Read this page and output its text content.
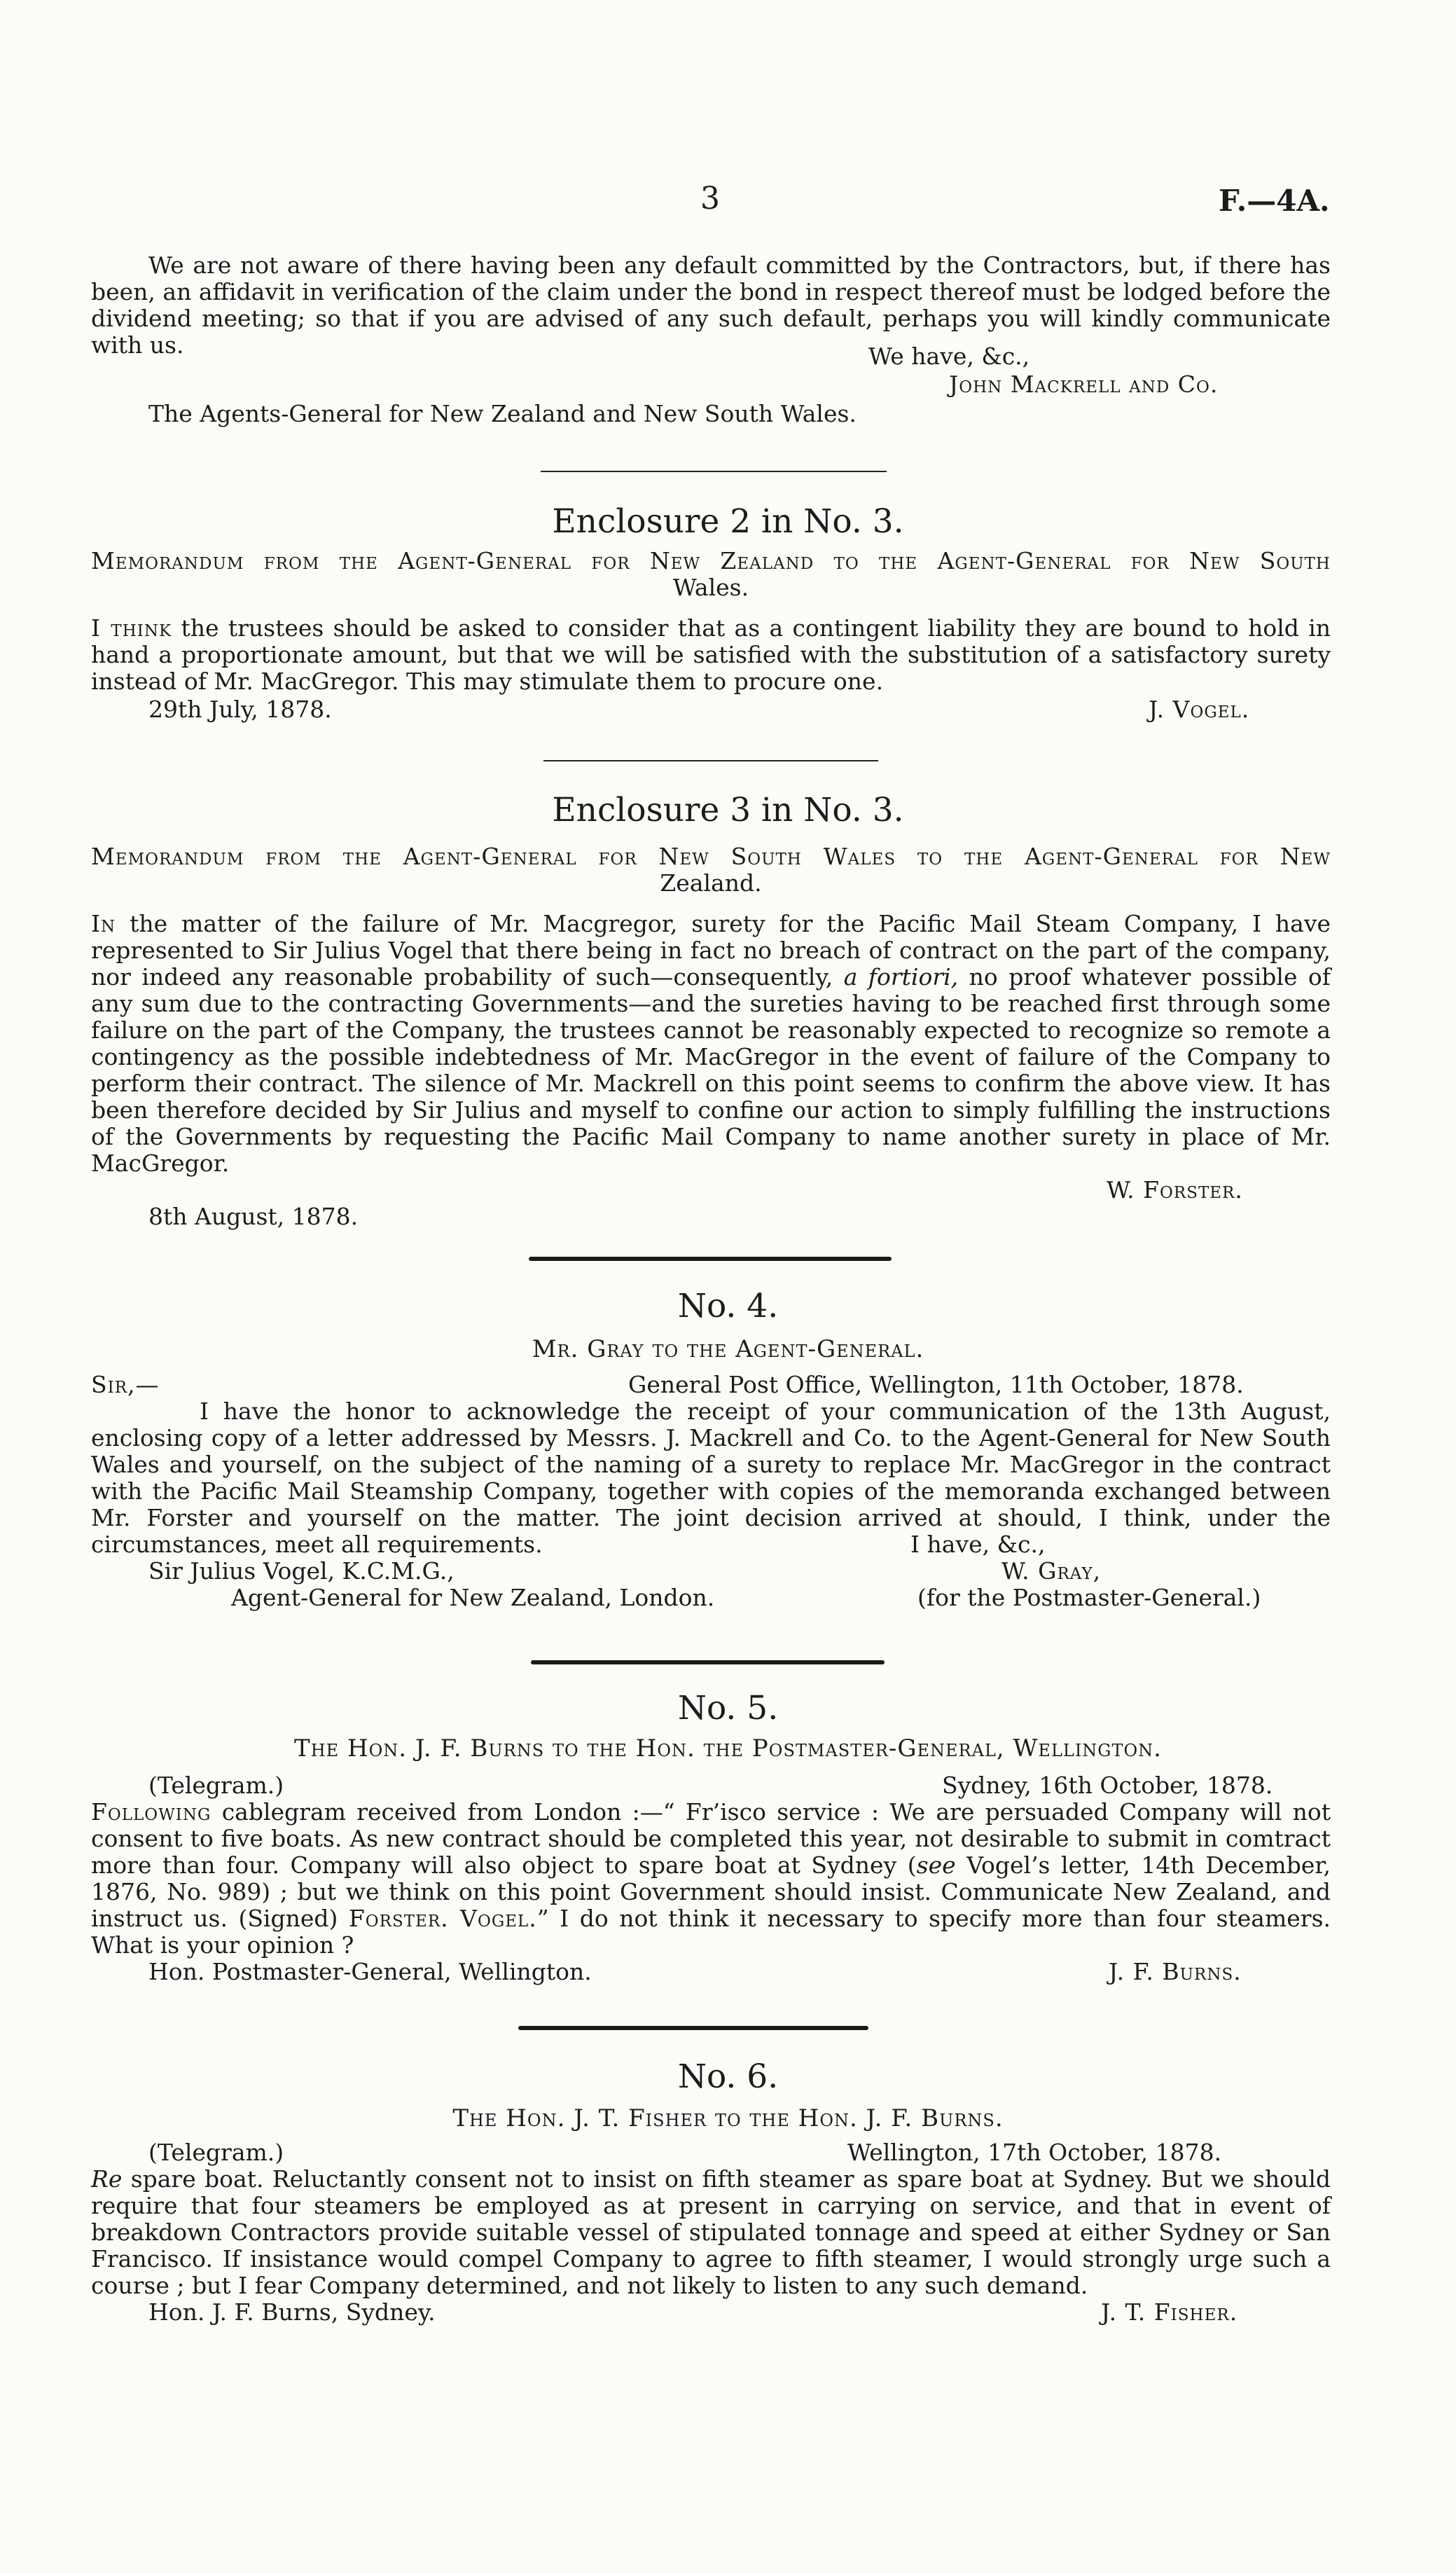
3	F.—4A.

We are not aware of there having been any default committed by the Contractors, but, if there has been, an affidavit in verification of the claim under the bond in respect thereof must be lodged before the dividend meeting; so that if you are advised of any such default, perhaps you will kindly communicate with us.	We have, &c.,
John Mackrell and Co.
The Agents-General for New Zealand and New South Wales.
Enclosure 2 in No. 3.
Memorandum from the Agent-General for New Zealand to the Agent-General for New South
Wales.

I think the trustees should be asked to consider that as a contingent liability they are bound to hold in hand a proportionate amount, but that we will be satisfied with the substitution of a satisfactory surety instead of Mr. MacGregor. This may stimulate them to procure one.

29th July, 1878.	J. Vogel.
Enclosure 3 in No. 3.
Memorandum from the Agent-General for New South Wales to the Agent-General for New
Zealand.

In the matter of the failure of Mr. Macgregor, surety for the Pacific Mail Steam Company, I have represented to Sir Julius Vogel that there being in fact no breach of contract on the part of the company, nor indeed any reasonable probability of such—consequently, a fortiori, no proof whatever possible of any sum due to the contracting Governments—and the sureties having to be reached first through some failure on the part of the Company, the trustees cannot be reasonably expected to recognize so remote a contingency as the possible indebtedness of Mr. MacGregor in the event of failure of the Company to perform their contract. The silence of Mr. Mackrell on this point seems to confirm the above view. It has been therefore decided by Sir Julius and myself to confine our action to simply fulfilling the instructions of the Governments by requesting the Pacific Mail Company to name another surety in place of Mr. MacGregor.

W. Forster.
8th August, 1878.
No. 4.
Mr. Gray to the Agent-General.
Sir,—	General Post Office, Wellington, 11th October, 1878.

I have the honor to acknowledge the receipt of your communication of the 13th August, enclosing copy of a letter addressed by Messrs. J. Mackrell and Co. to the Agent-General for New South Wales and yourself, on the subject of the naming of a surety to replace Mr. MacGregor in the contract with the Pacific Mail Steamship Company, together with copies of the memoranda exchanged between Mr. Forster and yourself on the matter. The joint decision arrived at should, I think, under the circumstances, meet all requirements.	I have, &c.,
Sir Julius Vogel, K.C.M.G.,	W. Gray,
Agent-General for New Zealand, London.	(for the Postmaster-General.)
No. 5.
The Hon. J. F. Burns to the Hon. the Postmaster-General, Wellington.
(Telegram.)	Sydney, 16th October, 1878.

Following cablegram received from London :—“ Fr’isco service : We are persuaded Company will not consent to five boats. As new contract should be completed this year, not desirable to submit in comtract more than four. Company will also object to spare boat at Sydney (see Vogel’s letter, 14th December, 1876, No. 989) ; but we think on this point Government should insist. Communicate New Zealand, and instruct us. (Signed) Forster. Vogel.” I do not think it necessary to specify more than four steamers. What is your opinion ?

Hon. Postmaster-General, Wellington.	J. F. Burns.
No. 6.
The Hon. J. T. Fisher to the Hon. J. F. Burns.
(Telegram.)	Wellington, 17th October, 1878.

Re spare boat. Reluctantly consent not to insist on fifth steamer as spare boat at Sydney. But we should require that four steamers be employed as at present in carrying on service, and that in event of breakdown Contractors provide suitable vessel of stipulated tonnage and speed at either Sydney or San Francisco. If insistance would compel Company to agree to fifth steamer, I would strongly urge such a course ; but I fear Company determined, and not likely to listen to any such demand.

Hon. J. F. Burns, Sydney.	J. T. Fisher.
